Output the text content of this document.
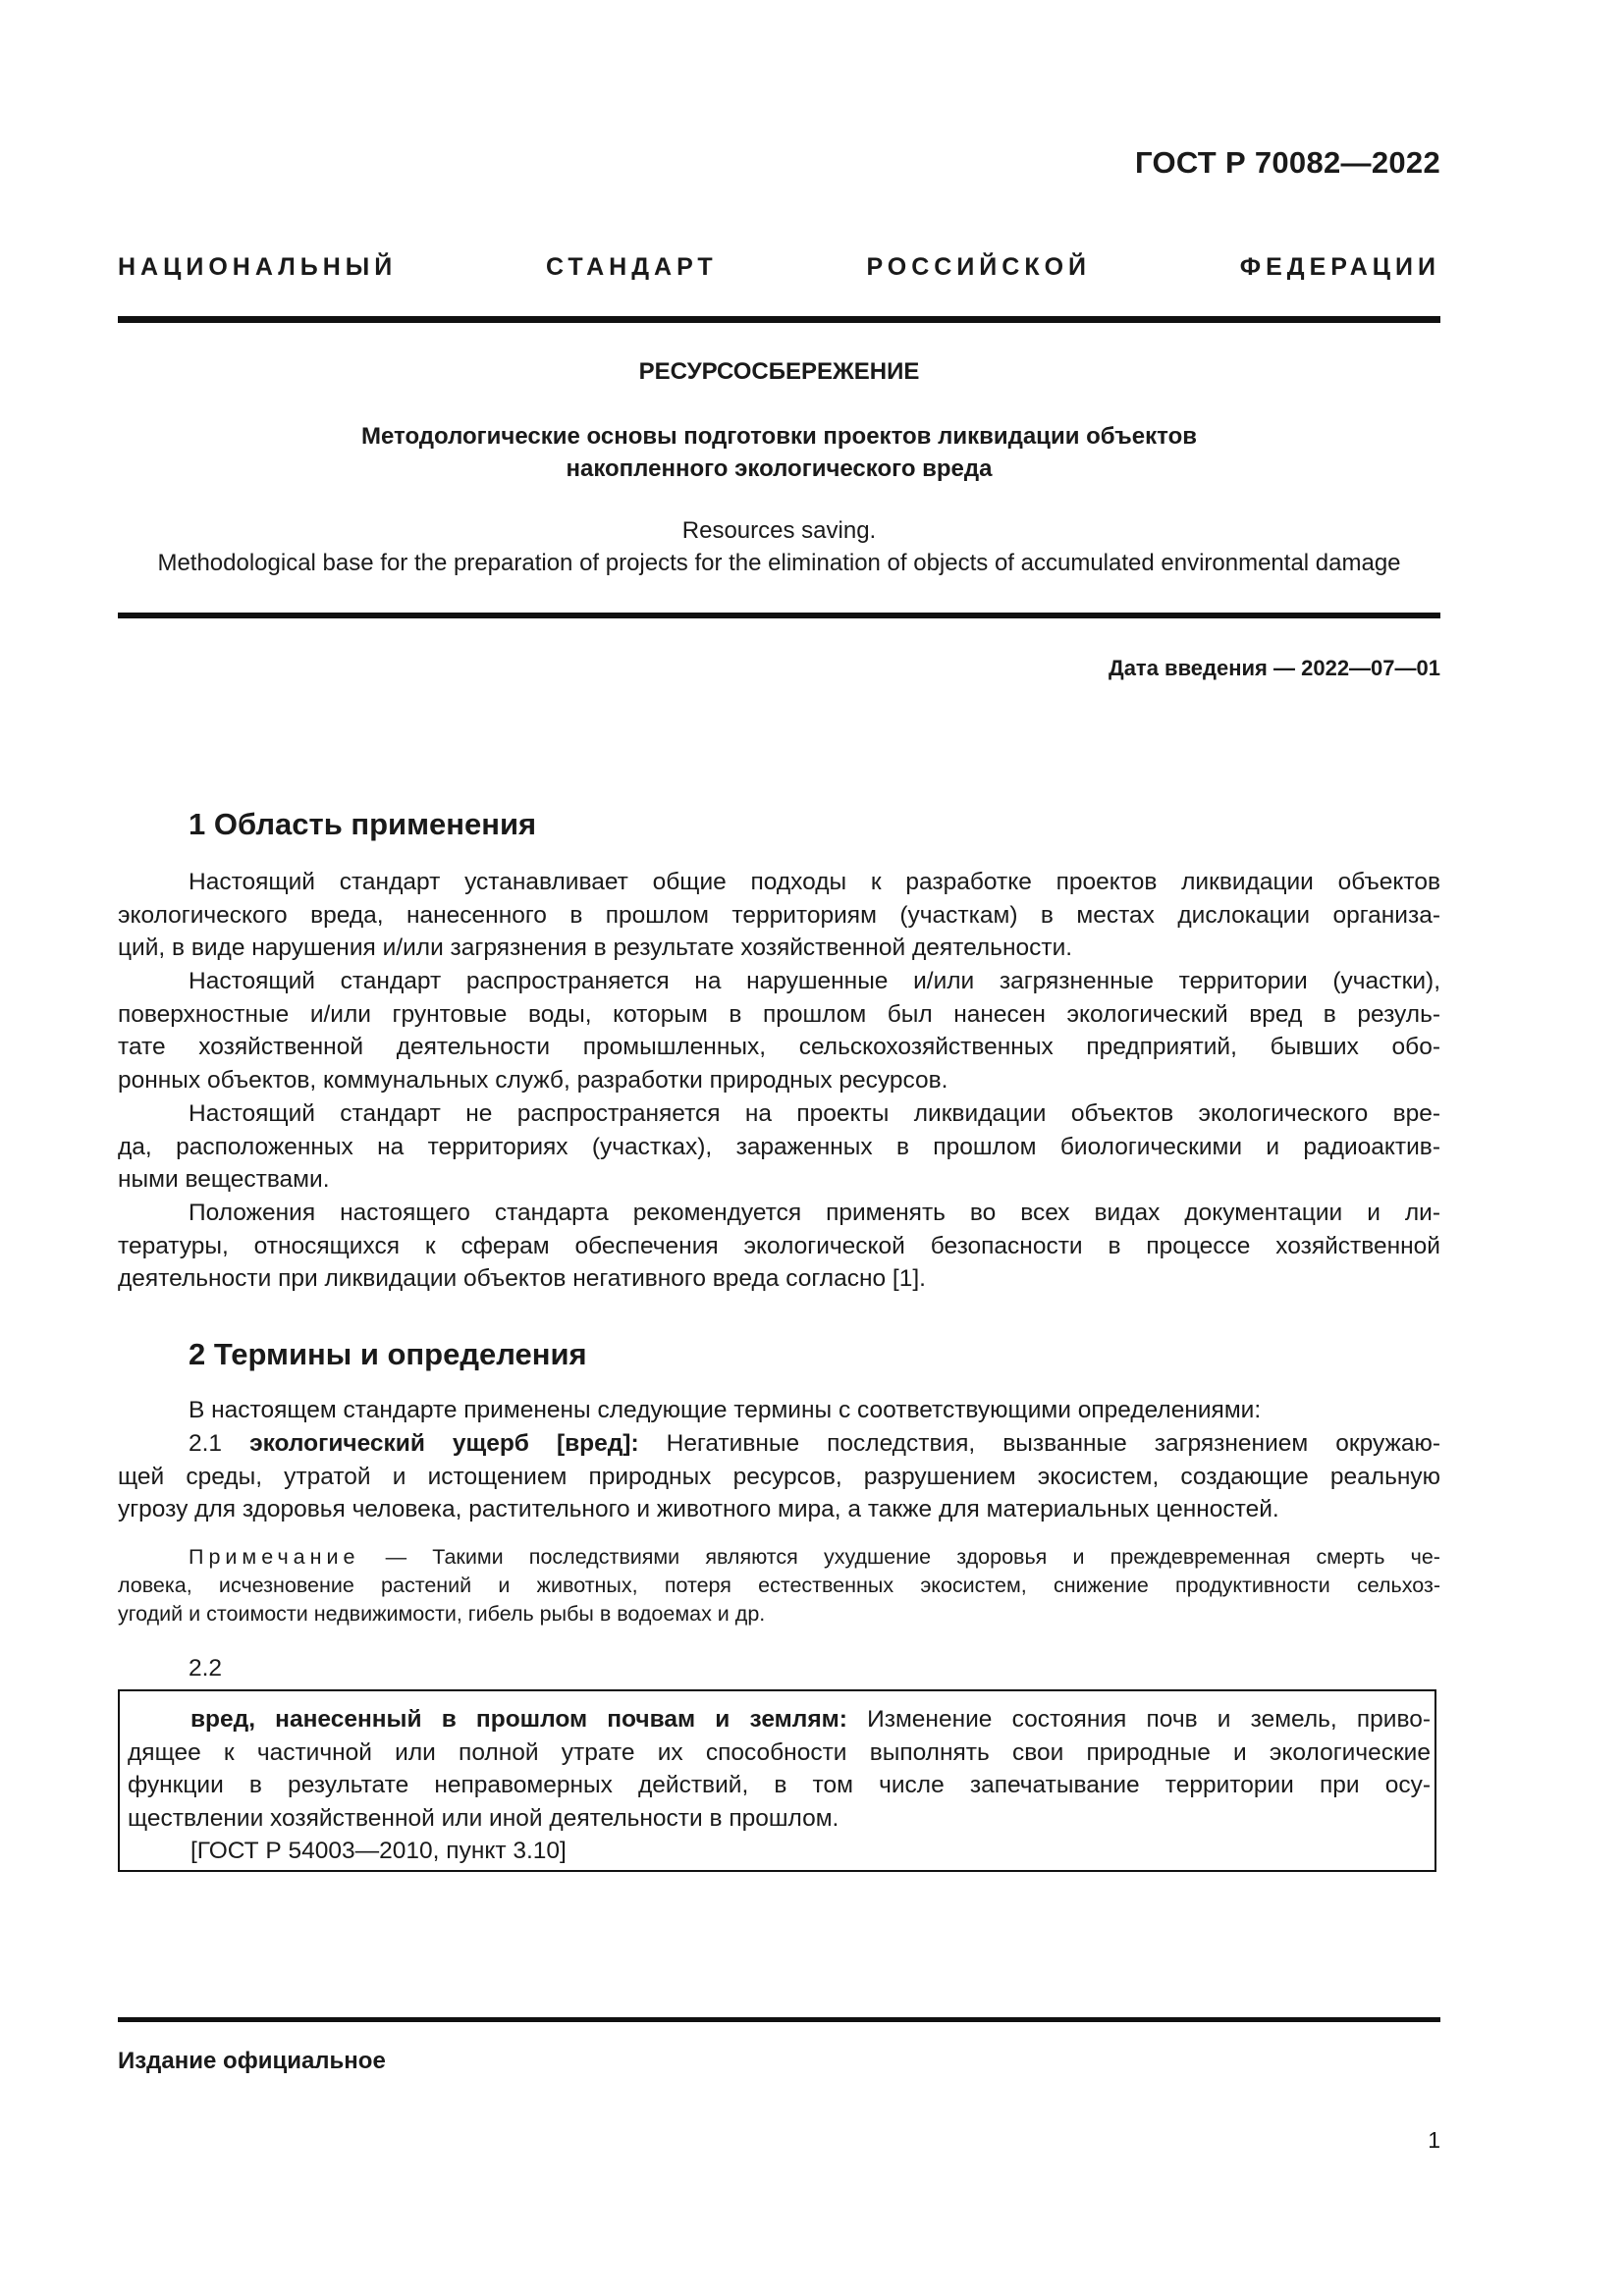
ГОСТ Р 70082—2022
НАЦИОНАЛЬНЫЙ	СТАНДАРТ	РОССИЙСКОЙ	ФЕДЕРАЦИИ
РЕСУРСОСБЕРЕЖЕНИЕ
Методологические основы подготовки проектов ликвидации объектов
накопленного экологического вреда
Resources saving.
Methodological base for the preparation of projects for the elimination of objects of accumulated environmental damage
Дата введения — 2022—07—01
1 Область применения
Настоящий стандарт устанавливает общие подходы к разработке проектов ликвидации объектов
экологического вреда, нанесенного в прошлом территориям (участкам) в местах дислокации организа-
ций, в виде нарушения и/или загрязнения в результате хозяйственной деятельности.
Настоящий стандарт распространяется на нарушенные и/или загрязненные территории (участки),
поверхностные и/или грунтовые воды, которым в прошлом был нанесен экологический вред в резуль-
тате хозяйственной деятельности промышленных, сельскохозяйственных предприятий, бывших обо-
ронных объектов, коммунальных служб, разработки природных ресурсов.
Настоящий стандарт не распространяется на проекты ликвидации объектов экологического вре-
да, расположенных на территориях (участках), зараженных в прошлом биологическими и радиоактив-
ными веществами.
Положения настоящего стандарта рекомендуется применять во всех видах документации и ли-
тературы, относящихся к сферам обеспечения экологической безопасности в процессе хозяйственной
деятельности при ликвидации объектов негативного вреда согласно [1].
2 Термины и определения
В настоящем стандарте применены следующие термины с соответствующими определениями:
2.1 экологический ущерб [вред]: Негативные последствия, вызванные загрязнением окружаю-
щей среды, утратой и истощением природных ресурсов, разрушением экосистем, создающие реальную
угрозу для здоровья человека, растительного и животного мира, а также для материальных ценностей.
Примечание — Такими последствиями являются ухудшение здоровья и преждевременная смерть че-
ловека, исчезновение растений и животных, потеря естественных экосистем, снижение продуктивности сельхоз-
угодий и стоимости недвижимости, гибель рыбы в водоемах и др.
2.2
вред, нанесенный в прошлом почвам и землям: Изменение состояния почв и земель, приво-
дящее к частичной или полной утрате их способности выполнять свои природные и экологические
функции в результате неправомерных действий, в том числе запечатывание территории при осу-
ществлении хозяйственной или иной деятельности в прошлом.
[ГОСТ Р 54003—2010, пункт 3.10]
Издание официальное
1
